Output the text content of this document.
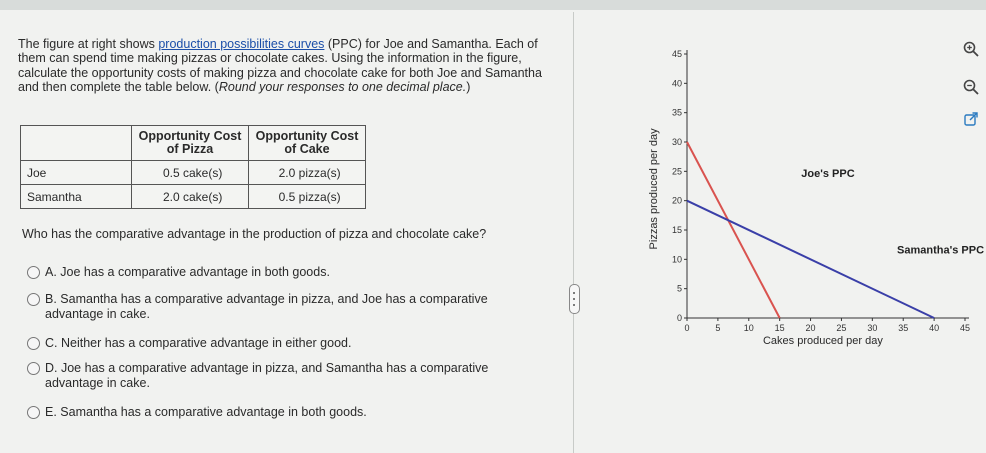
The figure at right shows production possibilities curves (PPC) for Joe and Samantha. Each of them can spend time making pizzas or chocolate cakes. Using the information in the figure, calculate the opportunity costs of making pizza and chocolate cake for both Joe and Samantha and then complete the table below. (Round your responses to one decimal place.)
	Opportunity Cost of Pizza	Opportunity Cost of Cake
Joe	0.5 cake(s)	2.0 pizza(s)
Samantha	2.0 cake(s)	0.5 pizza(s)
Who has the comparative advantage in the production of pizza and chocolate cake?
A. Joe has a comparative advantage in both goods.
B. Samantha has a comparative advantage in pizza, and Joe has a comparative advantage in cake.
C. Neither has a comparative advantage in either good.
D. Joe has a comparative advantage in pizza, and Samantha has a comparative advantage in cake.
E. Samantha has a comparative advantage in both goods.
Pizzas produced per day
Cakes produced per day
0	5	10 15 20 25 30 35 40 45
0
5
10
15
20
25
30
35
40
45
Joe's PPC
Samantha's PPC
